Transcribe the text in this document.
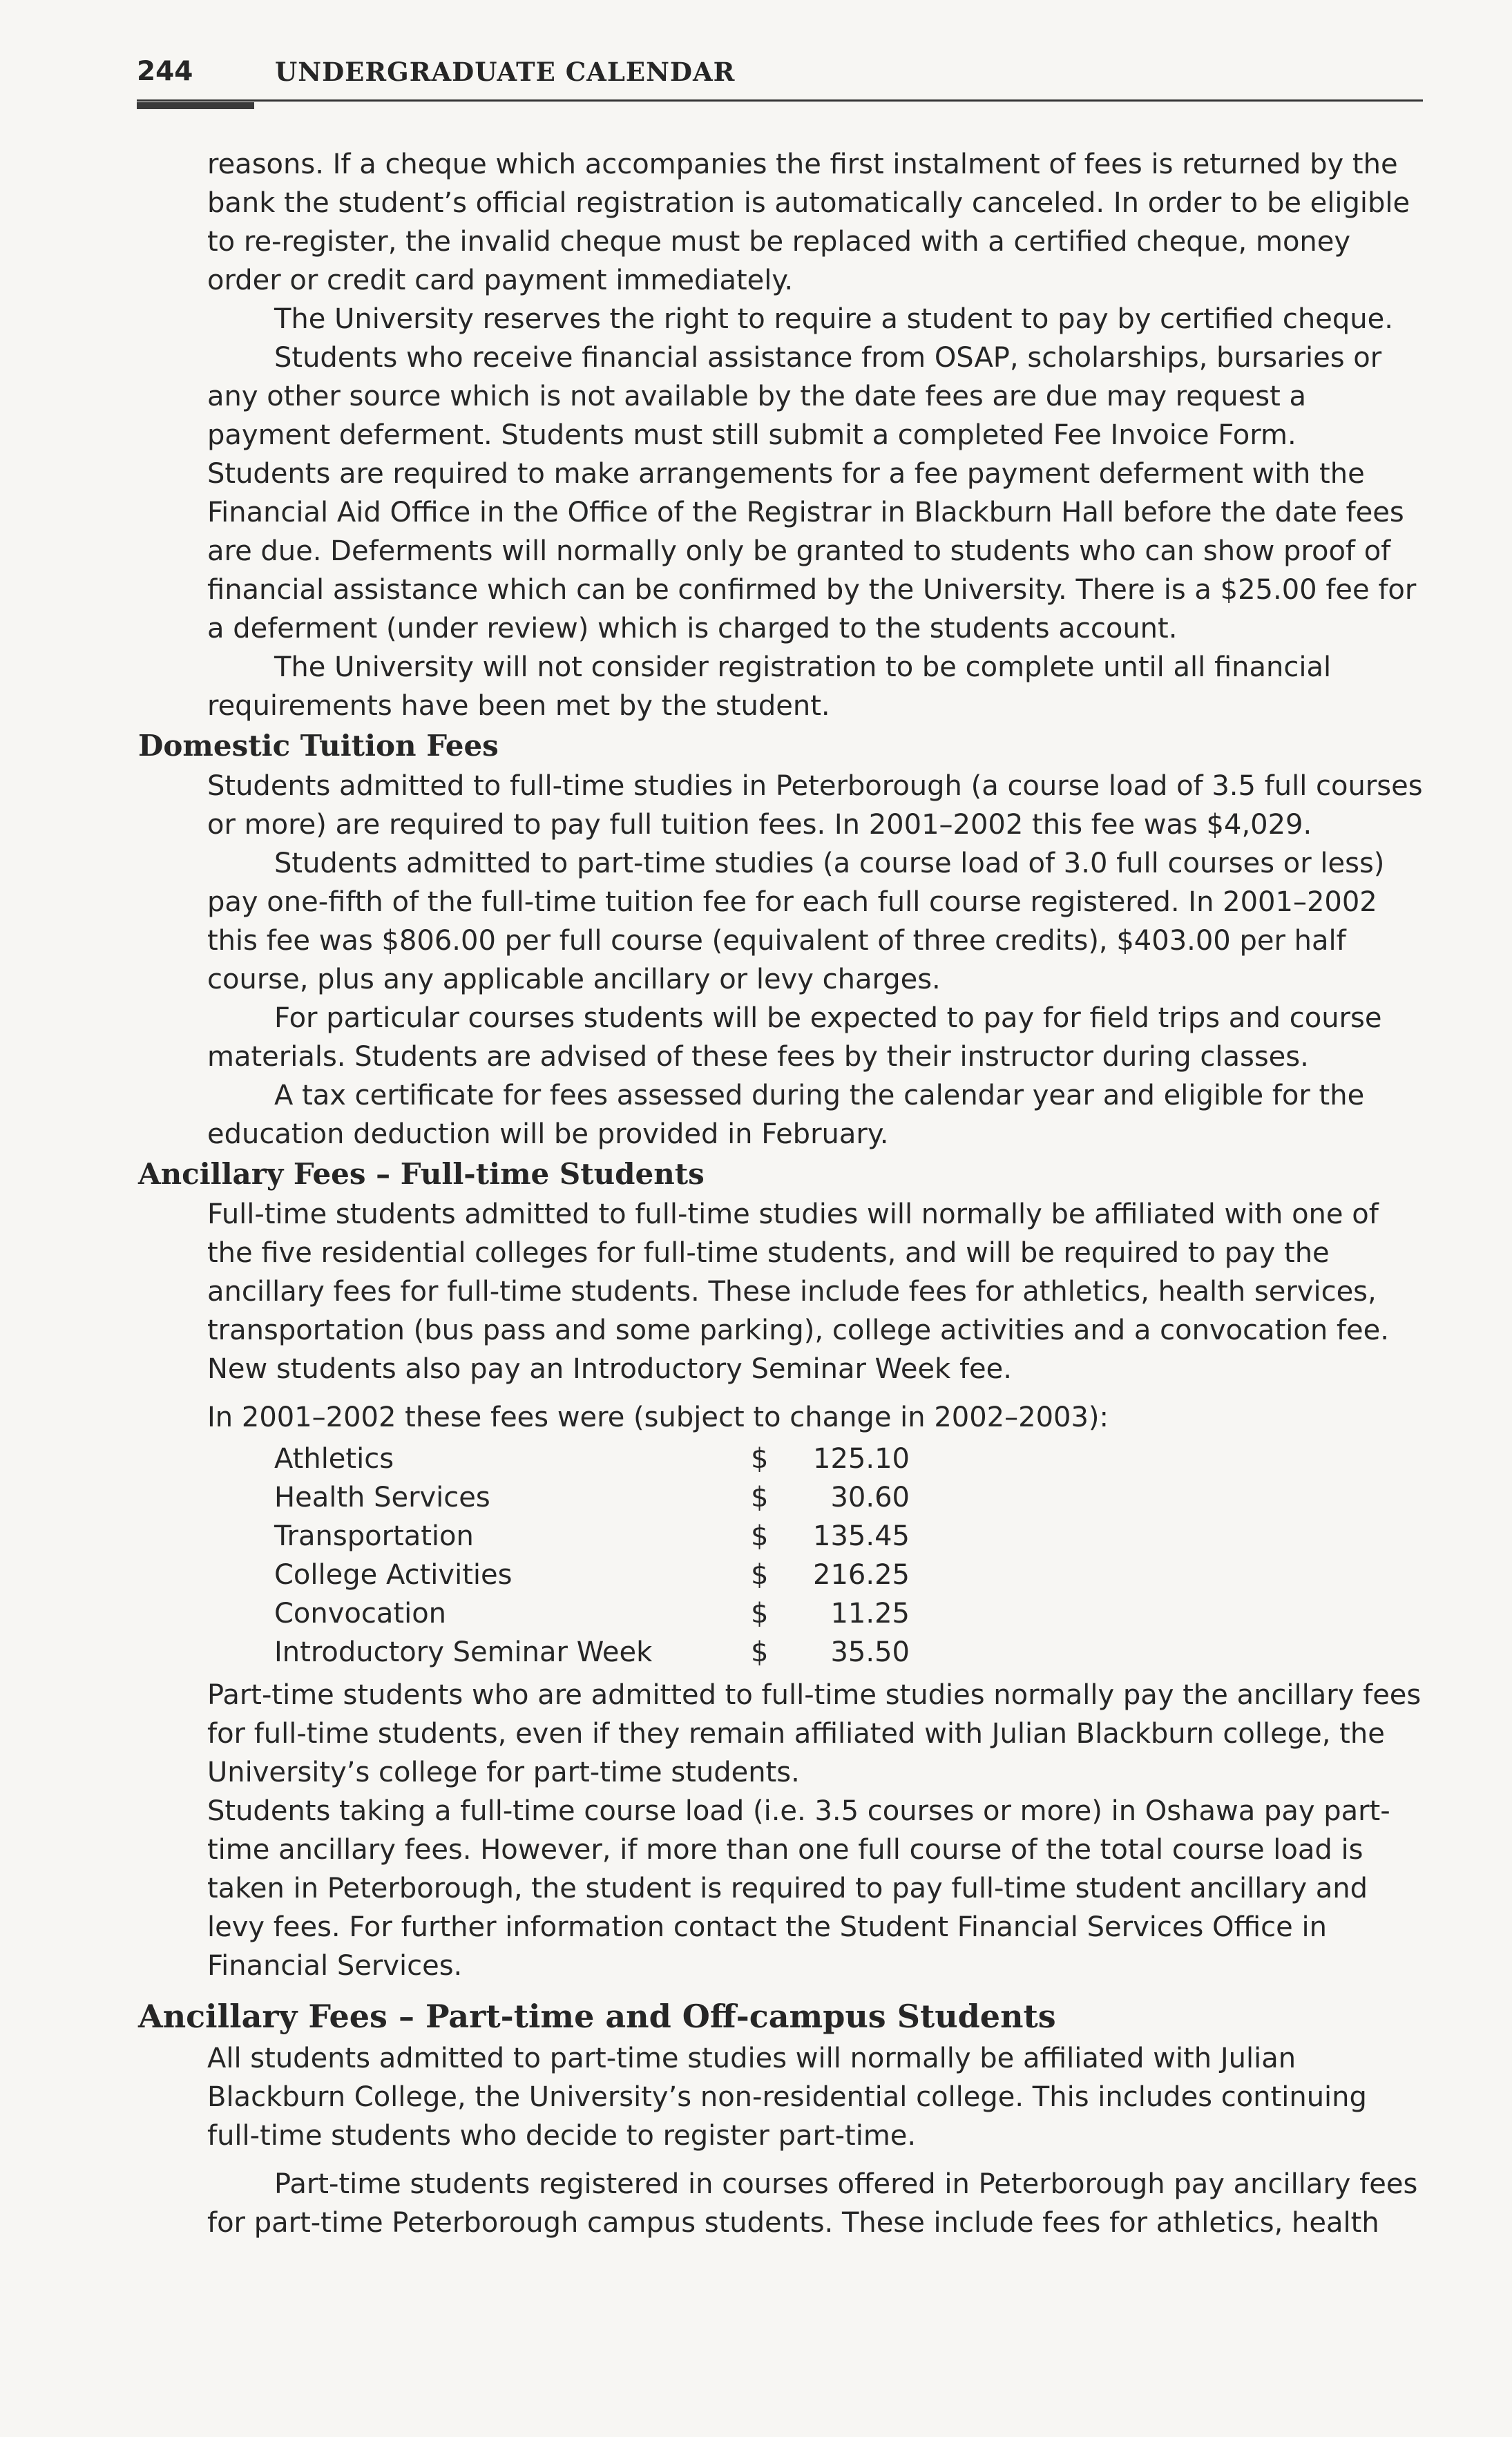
244	UNDERGRADUATE CALENDAR

reasons. If a cheque which accompanies the first instalment of fees is returned by the bank the student’s official registration is automatically canceled. In order to be eligible to re-register, the invalid cheque must be replaced with a certified cheque, money order or credit card payment immediately.

The University reserves the right to require a student to pay by certified cheque.

Students who receive financial assistance from OSAP, scholarships, bursaries or any other source which is not available by the date fees are due may request a payment deferment. Students must still submit a completed Fee Invoice Form. Students are required to make arrangements for a fee payment deferment with the Financial Aid Office in the Office of the Registrar in Blackburn Hall before the date fees are due. Deferments will normally only be granted to students who can show proof of financial assistance which can be confirmed by the University. There is a $25.00 fee for a deferment (under review) which is charged to the students account.

The University will not consider registration to be complete until all financial requirements have been met by the student.

Domestic Tuition Fees

Students admitted to full-time studies in Peterborough (a course load of 3.5 full courses or more) are required to pay full tuition fees. In 2001–2002 this fee was $4,029.

Students admitted to part-time studies (a course load of 3.0 full courses or less) pay one-fifth of the full-time tuition fee for each full course registered. In 2001–2002 this fee was $806.00 per full course (equivalent of three credits), $403.00 per half course, plus any applicable ancillary or levy charges.

For particular courses students will be expected to pay for field trips and course materials. Students are advised of these fees by their instructor during classes.

A tax certificate for fees assessed during the calendar year and eligible for the education deduction will be provided in February.

Ancillary Fees – Full-time Students

Full-time students admitted to full-time studies will normally be affiliated with one of the five residential colleges for full-time students, and will be required to pay the ancillary fees for full-time students. These include fees for athletics, health services, transportation (bus pass and some parking), college activities and a convocation fee. New students also pay an Introductory Seminar Week fee.

In 2001–2002 these fees were (subject to change in 2002–2003):

Athletics	$	125.10
Health Services	$	30.60
Transportation	$	135.45
College Activities	$	216.25
Convocation	$	11.25
Introductory Seminar Week	$	35.50

Part-time students who are admitted to full-time studies normally pay the ancillary fees for full-time students, even if they remain affiliated with Julian Blackburn college, the University’s college for part-time students.

Students taking a full-time course load (i.e. 3.5 courses or more) in Oshawa pay part-time ancillary fees. However, if more than one full course of the total course load is taken in Peterborough, the student is required to pay full-time student ancillary and levy fees. For further information contact the Student Financial Services Office in Financial Services.

Ancillary Fees – Part-time and Off-campus Students

All students admitted to part-time studies will normally be affiliated with Julian Blackburn College, the University’s non-residential college. This includes continuing full-time students who decide to register part-time.

Part-time students registered in courses offered in Peterborough pay ancillary fees for part-time Peterborough campus students. These include fees for athletics, health
